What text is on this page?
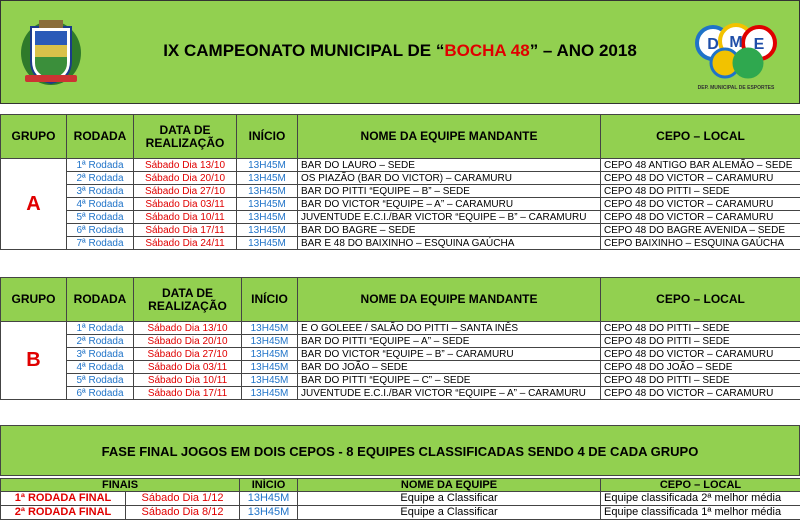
IX CAMPEONATO MUNICIPAL DE “BOCHA 48” – ANO 2018	D M E
DEP. MUNICIPAL DE ESPORTES
GRUPO	RODADA	DATA DE
REALIZAÇÃO	INÍCIO	NOME DA EQUIPE MANDANTE	CEPO – LOCAL
A	1ª Rodada	Sábado Dia 13/10	13H45M	BAR DO LAURO – SEDE	CEPO 48 ANTIGO BAR ALEMÃO – SEDE
	2ª Rodada	Sábado Dia 20/10	13H45M	OS PIAZÃO (BAR DO VICTOR) – CARAMURU	CEPO 48 DO VICTOR – CARAMURU
	3ª Rodada	Sábado Dia 27/10	13H45M	BAR DO PITTI “EQUIPE – B” – SEDE	CEPO 48 DO PITTI – SEDE
	4ª Rodada	Sábado Dia 03/11	13H45M	BAR DO VICTOR “EQUIPE – A” – CARAMURU	CEPO 48 DO VICTOR – CARAMURU
	5ª Rodada	Sábado Dia 10/11	13H45M	JUVENTUDE E.C.I./BAR VICTOR “EQUIPE – B” – CARAMURU	CEPO 48 DO VICTOR – CARAMURU
	6ª Rodada	Sábado Dia 17/11	13H45M	BAR DO BAGRE – SEDE	CEPO 48 DO BAGRE AVENIDA – SEDE
	7ª Rodada	Sábado Dia 24/11	13H45M	BAR E 48 DO BAIXINHO – ESQUINA GAÚCHA	CEPO BAIXINHO – ESQUINA GAÚCHA
GRUPO	RODADA	DATA DE
REALIZAÇÃO	INÍCIO	NOME DA EQUIPE MANDANTE	CEPO – LOCAL
B	1ª Rodada	Sábado Dia 13/10	13H45M	E O GOLEEE / SALÃO DO PITTI – SANTA INÊS	CEPO 48 DO PITTI – SEDE
	2ª Rodada	Sábado Dia 20/10	13H45M	BAR DO PITTI “EQUIPE – A” – SEDE	CEPO 48 DO PITTI – SEDE
	3ª Rodada	Sábado Dia 27/10	13H45M	BAR DO VICTOR “EQUIPE – B” – CARAMURU	CEPO 48 DO VICTOR – CARAMURU
	4ª Rodada	Sábado Dia 03/11	13H45M	BAR DO JOÃO – SEDE	CEPO 48 DO JOÃO – SEDE
	5ª Rodada	Sábado Dia 10/11	13H45M	BAR DO PITTI “EQUIPE – C” – SEDE	CEPO 48 DO PITTI – SEDE
	6ª Rodada	Sábado Dia 17/11	13H45M	JUVENTUDE E.C.I./BAR VICTOR “EQUIPE – A” – CARAMURU	CEPO 48 DO VICTOR – CARAMURU
FASE FINAL JOGOS EM DOIS CEPOS - 8 EQUIPES CLASSIFICADAS SENDO 4 DE CADA GRUPO
FINAIS		INÍCIO	NOME DA EQUIPE	CEPO – LOCAL
1ª RODADA FINAL	Sábado Dia 1/12	13H45M	Equipe a Classificar	Equipe classificada 2ª melhor média
2ª RODADA FINAL	Sábado Dia 8/12	13H45M	Equipe a Classificar	Equipe classificada 1ª melhor média
